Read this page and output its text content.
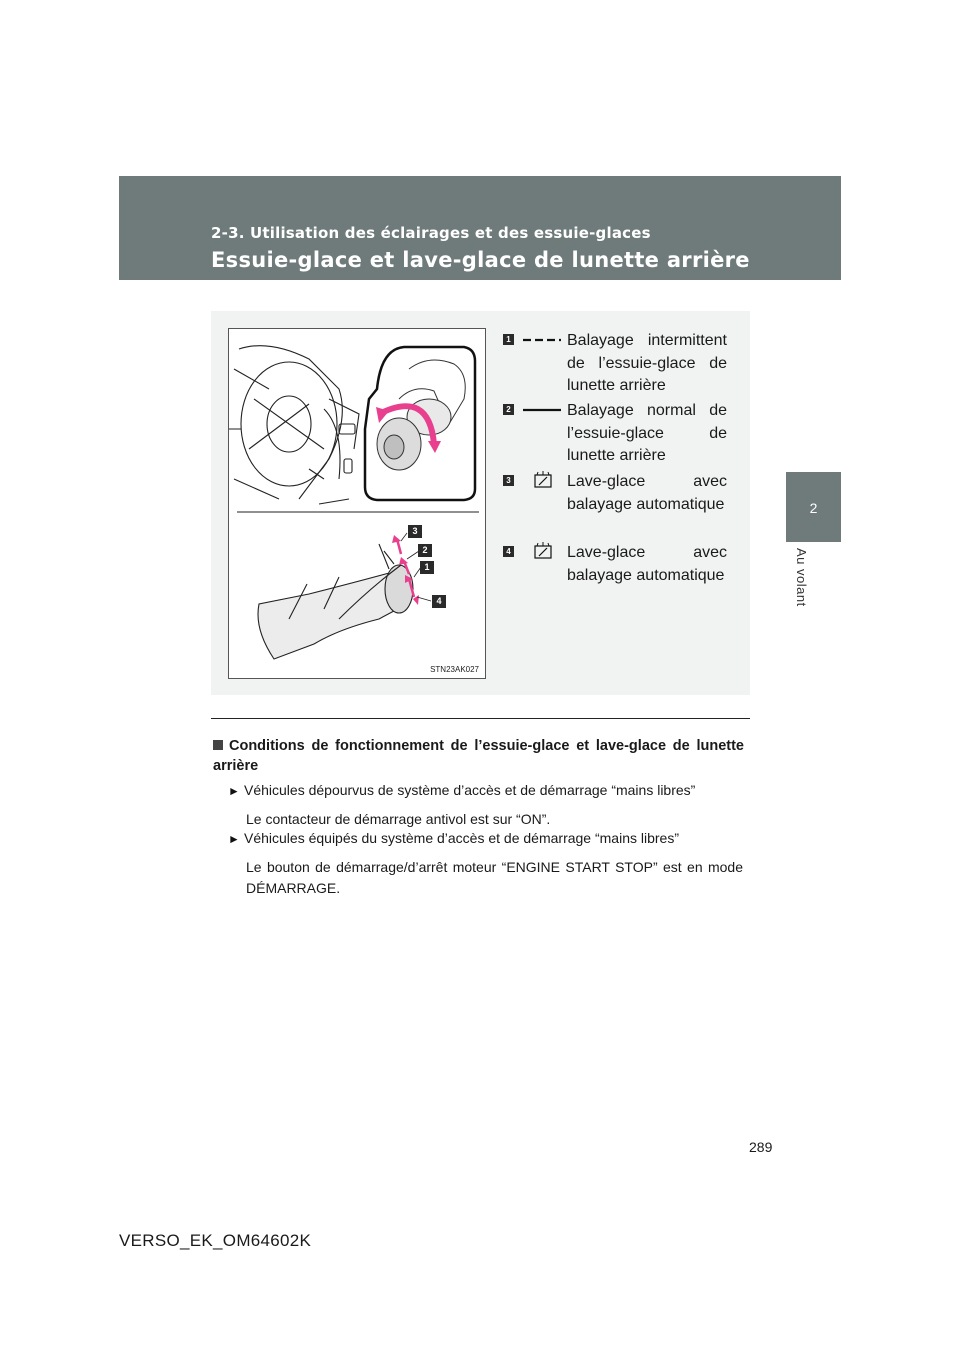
2-3. Utilisation des éclairages et des essuie-glaces
Essuie-glace et lave-glace de lunette arrière
2
Au volant
3
2
1
4
STN23AK027
1	Balayage intermittent de l’essuie-glace de lunette arrière
2	Balayage normal de l’essuie-glace de lunette arrière
3	Lave-glace avec balayage automatique
4	Lave-glace avec balayage automatique
Conditions de fonctionnement de l’essuie-glace et lave-glace de lunette arrière
► Véhicules dépourvus de système d’accès et de démarrage “mains libres”
Le contacteur de démarrage antivol est sur “ON”.
► Véhicules équipés du système d’accès et de démarrage “mains libres”
Le bouton de démarrage/d’arrêt moteur “ENGINE START STOP” est en mode DÉMARRAGE.
289
VERSO_EK_OM64602K
